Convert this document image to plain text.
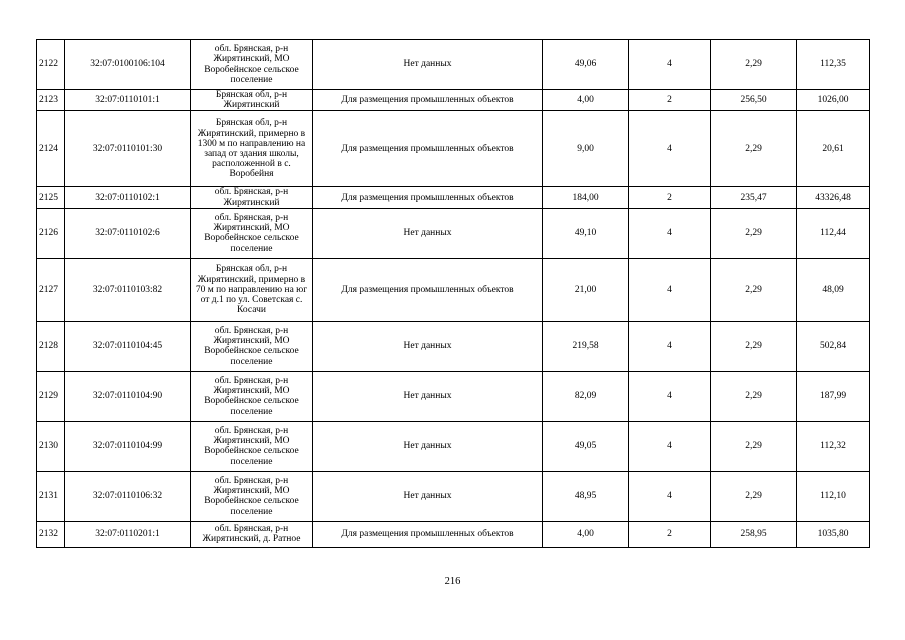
2122	32:07:0100106:104	обл. Брянская, р-н Жирятинский, МО Воробейнское сельское поселение	Нет данных	49,06	4	2,29	112,35
2123	32:07:0110101:1	Брянская обл, р-н Жирятинский	Для размещения промышленных объектов	4,00	2	256,50	1026,00
2124	32:07:0110101:30	Брянская обл, р-н Жирятинский, примерно в 1300 м по направлению на запад от здания школы, расположенной в с. Воробейня	Для размещения промышленных объектов	9,00	4	2,29	20,61
2125	32:07:0110102:1	обл. Брянская, р-н Жирятинский	Для размещения промышленных объектов	184,00	2	235,47	43326,48
2126	32:07:0110102:6	обл. Брянская, р-н Жирятинский, МО Воробейнское сельское поселение	Нет данных	49,10	4	2,29	112,44
2127	32:07:0110103:82	Брянская обл, р-н Жирятинский, примерно в 70 м по направлению на юг от д.1 по ул. Советская с. Косачи	Для размещения промышленных объектов	21,00	4	2,29	48,09
2128	32:07:0110104:45	обл. Брянская, р-н Жирятинский, МО Воробейнское сельское поселение	Нет данных	219,58	4	2,29	502,84
2129	32:07:0110104:90	обл. Брянская, р-н Жирятинский, МО Воробейнское сельское поселение	Нет данных	82,09	4	2,29	187,99
2130	32:07:0110104:99	обл. Брянская, р-н Жирятинский, МО Воробейнское сельское поселение	Нет данных	49,05	4	2,29	112,32
2131	32:07:0110106:32	обл. Брянская, р-н Жирятинский, МО Воробейнское сельское поселение	Нет данных	48,95	4	2,29	112,10
2132	32:07:0110201:1	обл. Брянская, р-н Жирятинский, д. Ратное	Для размещения промышленных объектов	4,00	2	258,95	1035,80
216
